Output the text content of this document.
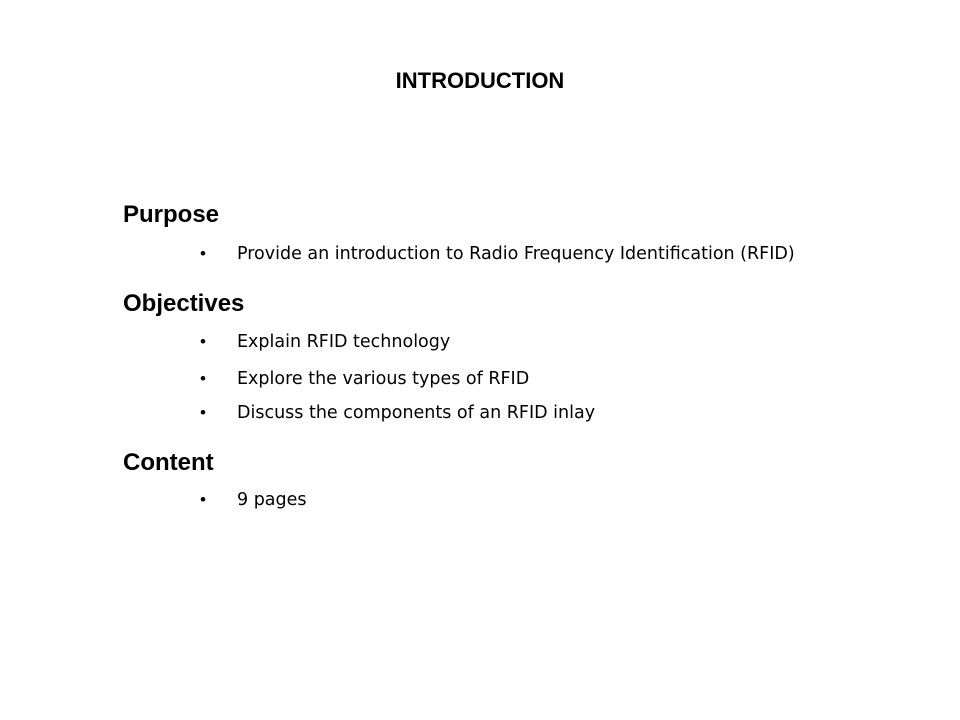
INTRODUCTION
Purpose
•	Provide an introduction to Radio Frequency Identification (RFID)
Objectives
•	Explain RFID technology
•	Explore the various types of RFID
•	Discuss the components of an RFID inlay
Content
•	9 pages
